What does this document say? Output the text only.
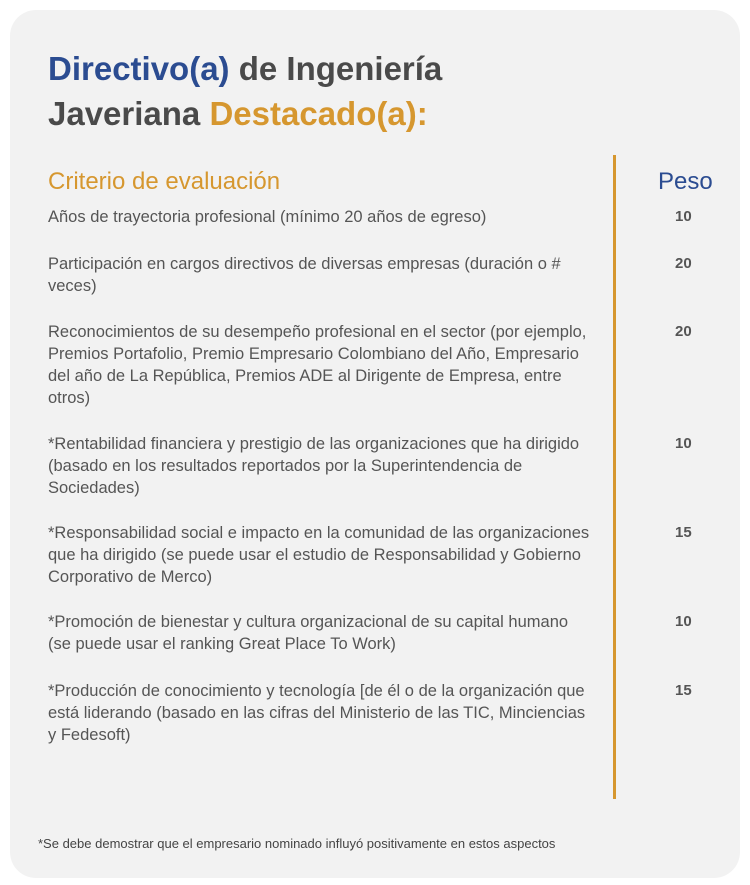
Directivo(a) de Ingeniería
Javeriana Destacado(a):
Criterio de evaluación	Peso
Años de trayectoria profesional (mínimo 20 años de egreso)	10
Participación en cargos directivos de diversas empresas (duración o # veces)
20
Reconocimientos de su desempeño profesional en el sector (por ejemplo, Premios Portafolio, Premio Empresario Colombiano del Año, Empresario del año de La República, Premios ADE al Dirigente de Empresa, entre otros)
20
*Rentabilidad financiera y prestigio de las organizaciones que ha dirigido (basado en los resultados reportados por la Superintendencia de Sociedades)
10
*Responsabilidad social e impacto en la comunidad de las organizaciones que ha dirigido (se puede usar el estudio de Responsabilidad y Gobierno Corporativo de Merco)
15
*Promoción de bienestar y cultura organizacional de su capital humano (se puede usar el ranking Great Place To Work)
10
*Producción de conocimiento y tecnología [de él o de la organización que está liderando (basado en las cifras del Ministerio de las TIC, Minciencias y Fedesoft)
15
*Se debe demostrar que el empresario nominado influyó positivamente en estos aspectos
